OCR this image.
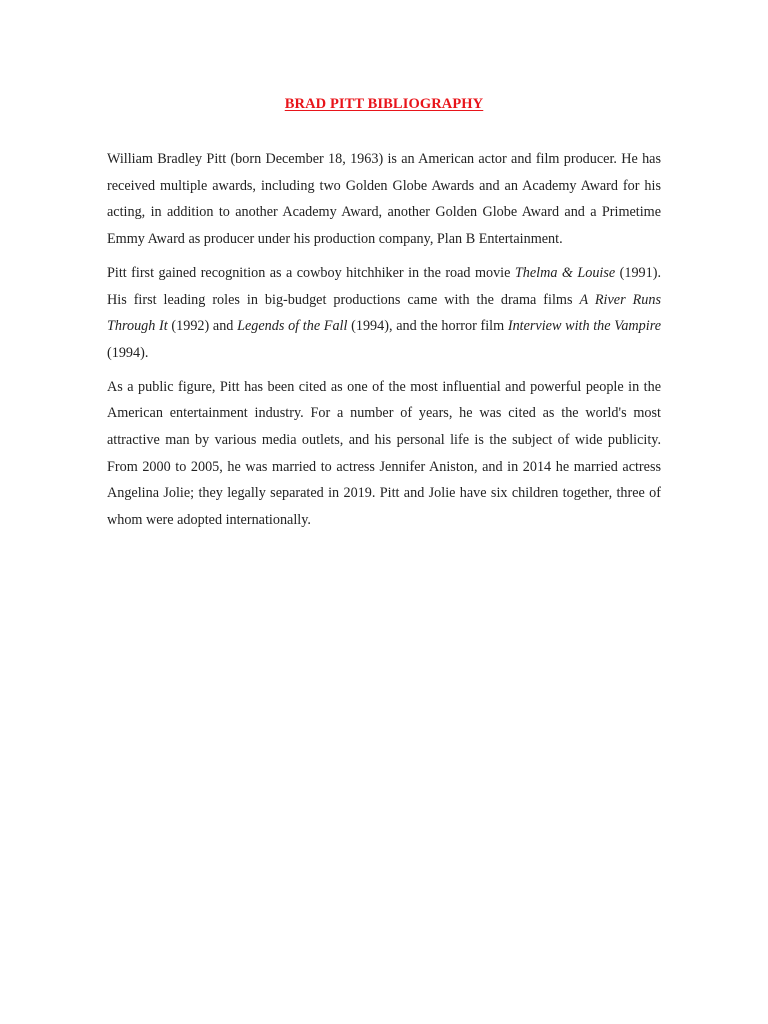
BRAD PITT BIBLIOGRAPHY

William Bradley Pitt (born December 18, 1963) is an American actor and film producer. He has received multiple awards, including two Golden Globe Awards and an Academy Award for his acting, in addition to another Academy Award, another Golden Globe Award and a Primetime Emmy Award as producer under his production company, Plan B Entertainment.

Pitt first gained recognition as a cowboy hitchhiker in the road movie Thelma & Louise (1991). His first leading roles in big-budget productions came with the drama films A River Runs Through It (1992) and Legends of the Fall (1994), and the horror film Interview with the Vampire (1994).

As a public figure, Pitt has been cited as one of the most influential and powerful people in the American entertainment industry. For a number of years, he was cited as the world's most attractive man by various media outlets, and his personal life is the subject of wide publicity. From 2000 to 2005, he was married to actress Jennifer Aniston, and in 2014 he married actress Angelina Jolie; they legally separated in 2019. Pitt and Jolie have six children together, three of whom were adopted internationally.
